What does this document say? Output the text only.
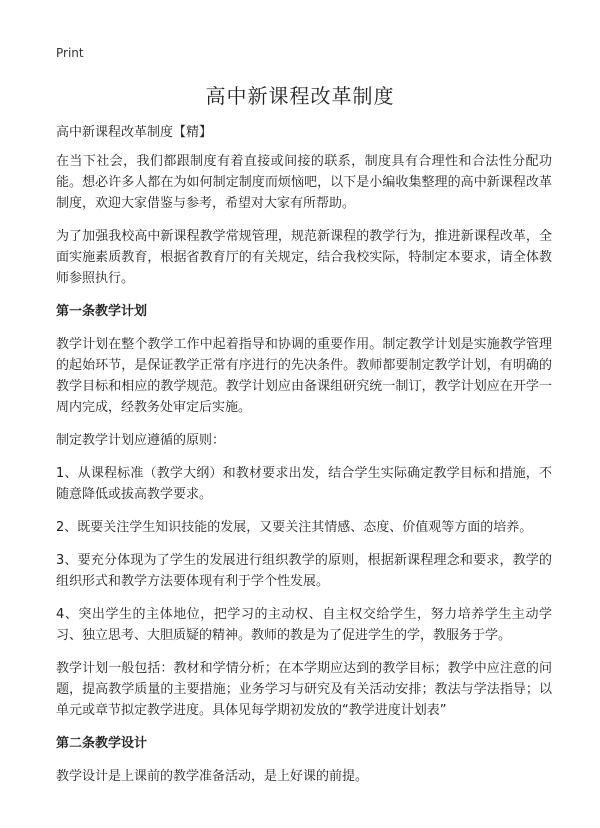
Print
高中新课程改革制度

高中新课程改革制度【精】

在当下社会，我们都跟制度有着直接或间接的联系，制度具有合理性和合法性分配功能。想必许多人都在为如何制定制度而烦恼吧，以下是小编收集整理的高中新课程改革制度，欢迎大家借鉴与参考，希望对大家有所帮助。

为了加强我校高中新课程教学常规管理，规范新课程的教学行为，推进新课程改革，全面实施素质教育，根据省教育厅的有关规定，结合我校实际，特制定本要求，请全体教师参照执行。

第一条教学计划

教学计划在整个教学工作中起着指导和协调的重要作用。制定教学计划是实施教学管理的起始环节，是保证教学正常有序进行的先决条件。教师都要制定教学计划，有明确的教学目标和相应的教学规范。教学计划应由备课组研究统一制订，教学计划应在开学一周内完成，经教务处审定后实施。

制定教学计划应遵循的原则：

1、从课程标准（教学大纲）和教材要求出发，结合学生实际确定教学目标和措施，不随意降低或拔高教学要求。

2、既要关注学生知识技能的发展，又要关注其情感、态度、价值观等方面的培养。

3、要充分体现为了学生的发展进行组织教学的原则，根据新课程理念和要求，教学的组织形式和教学方法要体现有利于学个性发展。

4、突出学生的主体地位，把学习的主动权、自主权交给学生，努力培养学生主动学习、独立思考、大胆质疑的精神。教师的教是为了促进学生的学，教服务于学。

教学计划一般包括：教材和学情分析；在本学期应达到的教学目标；教学中应注意的问题，提高教学质量的主要措施；业务学习与研究及有关活动安排；教法与学法指导；以单元或章节拟定教学进度。具体见每学期初发放的“教学进度计划表”

第二条教学设计

教学设计是上课前的教学准备活动，是上好课的前提。
